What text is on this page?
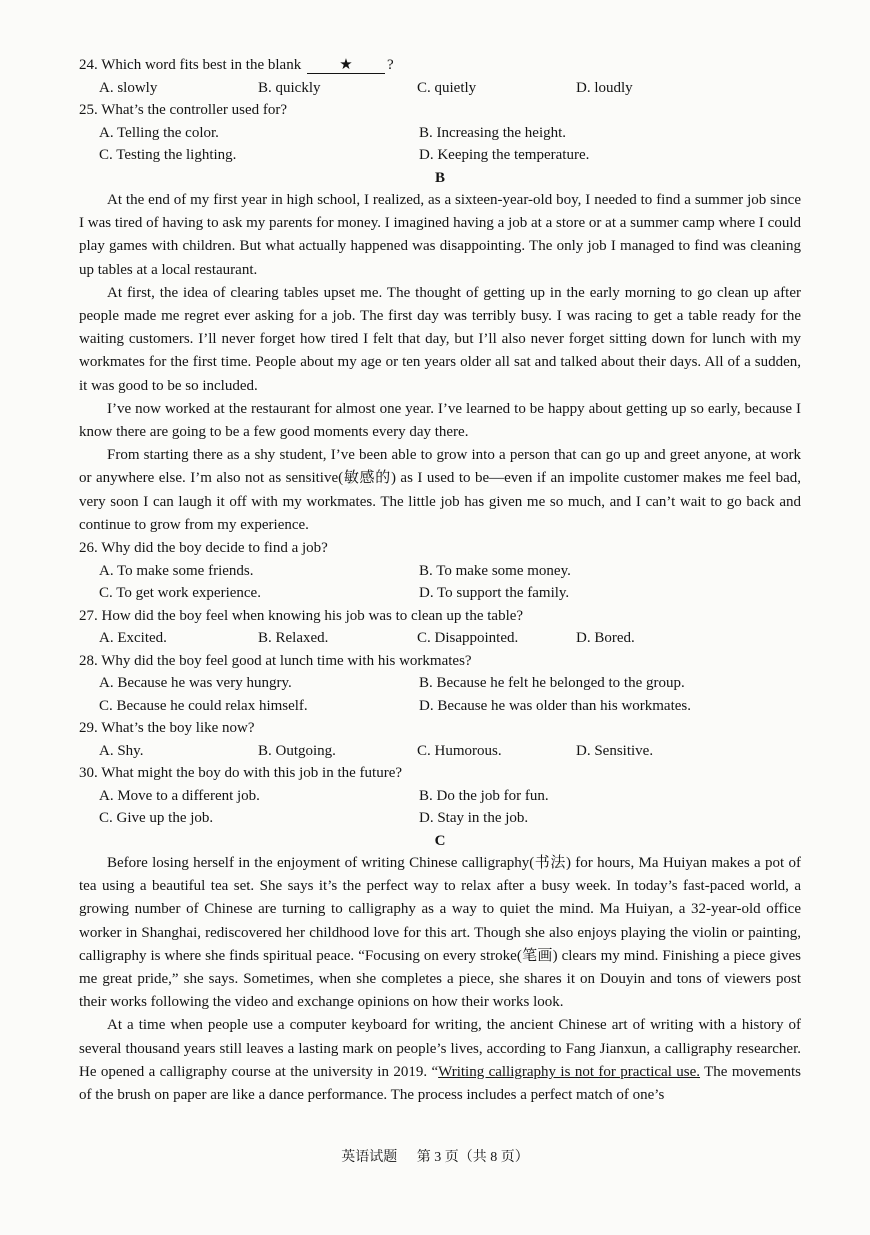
24. Which word fits best in the blank	★ ?
A. slowly	B. quickly	C. quietly	D. loudly
25. What’s the controller used for?
A. Telling the color.	B. Increasing the height.
C. Testing the lighting.	D. Keeping the temperature.
B

At the end of my first year in high school, I realized, as a sixteen-year-old boy, I needed to find a summer job since I was tired of having to ask my parents for money. I imagined having a job at a store or at a summer camp where I could play games with children. But what actually happened was disappointing. The only job I managed to find was cleaning up tables at a local restaurant.

At first, the idea of clearing tables upset me. The thought of getting up in the early morning to go clean up after people made me regret ever asking for a job. The first day was terribly busy. I was racing to get a table ready for the waiting customers. I’ll never forget how tired I felt that day, but I’ll also never forget sitting down for lunch with my workmates for the first time. People about my age or ten years older all sat and talked about their days. All of a sudden, it was good to be so included.

I’ve now worked at the restaurant for almost one year. I’ve learned to be happy about getting up so early, because I know there are going to be a few good moments every day there.

From starting there as a shy student, I’ve been able to grow into a person that can go up and greet anyone, at work or anywhere else. I’m also not as sensitive(敏感的) as I used to be—even if an impolite customer makes me feel bad, very soon I can laugh it off with my workmates. The little job has given me so much, and I can’t wait to go back and continue to grow from my experience.

26. Why did the boy decide to find a job?
A. To make some friends.	B. To make some money.
C. To get work experience.	D. To support the family.
27. How did the boy feel when knowing his job was to clean up the table?
A. Excited.	B. Relaxed.	C. Disappointed.	D. Bored.
28. Why did the boy feel good at lunch time with his workmates?
A. Because he was very hungry.	B. Because he felt he belonged to the group.
C. Because he could relax himself.	D. Because he was older than his workmates.
29. What’s the boy like now?
A. Shy.	B. Outgoing.	C. Humorous.	D. Sensitive.
30. What might the boy do with this job in the future?
A. Move to a different job.	B. Do the job for fun.
C. Give up the job.	D. Stay in the job.
C

Before losing herself in the enjoyment of writing Chinese calligraphy(书法) for hours, Ma Huiyan makes a pot of tea using a beautiful tea set. She says it’s the perfect way to relax after a busy week. In today’s fast-paced world, a growing number of Chinese are turning to calligraphy as a way to quiet the mind. Ma Huiyan, a 32-year-old office worker in Shanghai, rediscovered her childhood love for this art. Though she also enjoys playing the violin or painting, calligraphy is where she finds spiritual peace. “Focusing on every stroke(笔画) clears my mind. Finishing a piece gives me great pride,” she says. Sometimes, when she completes a piece, she shares it on Douyin and tons of viewers post their works following the video and exchange opinions on how their works look.

At a time when people use a computer keyboard for writing, the ancient Chinese art of writing with a history of several thousand years still leaves a lasting mark on people’s lives, according to Fang Jianxun, a calligraphy researcher. He opened a calligraphy course at the university in 2019. “Writing calligraphy is not for practical use. The movements of the brush on paper are like a dance performance. The process includes a perfect match of one’s

英语试题 第 3 页（共 8 页）
